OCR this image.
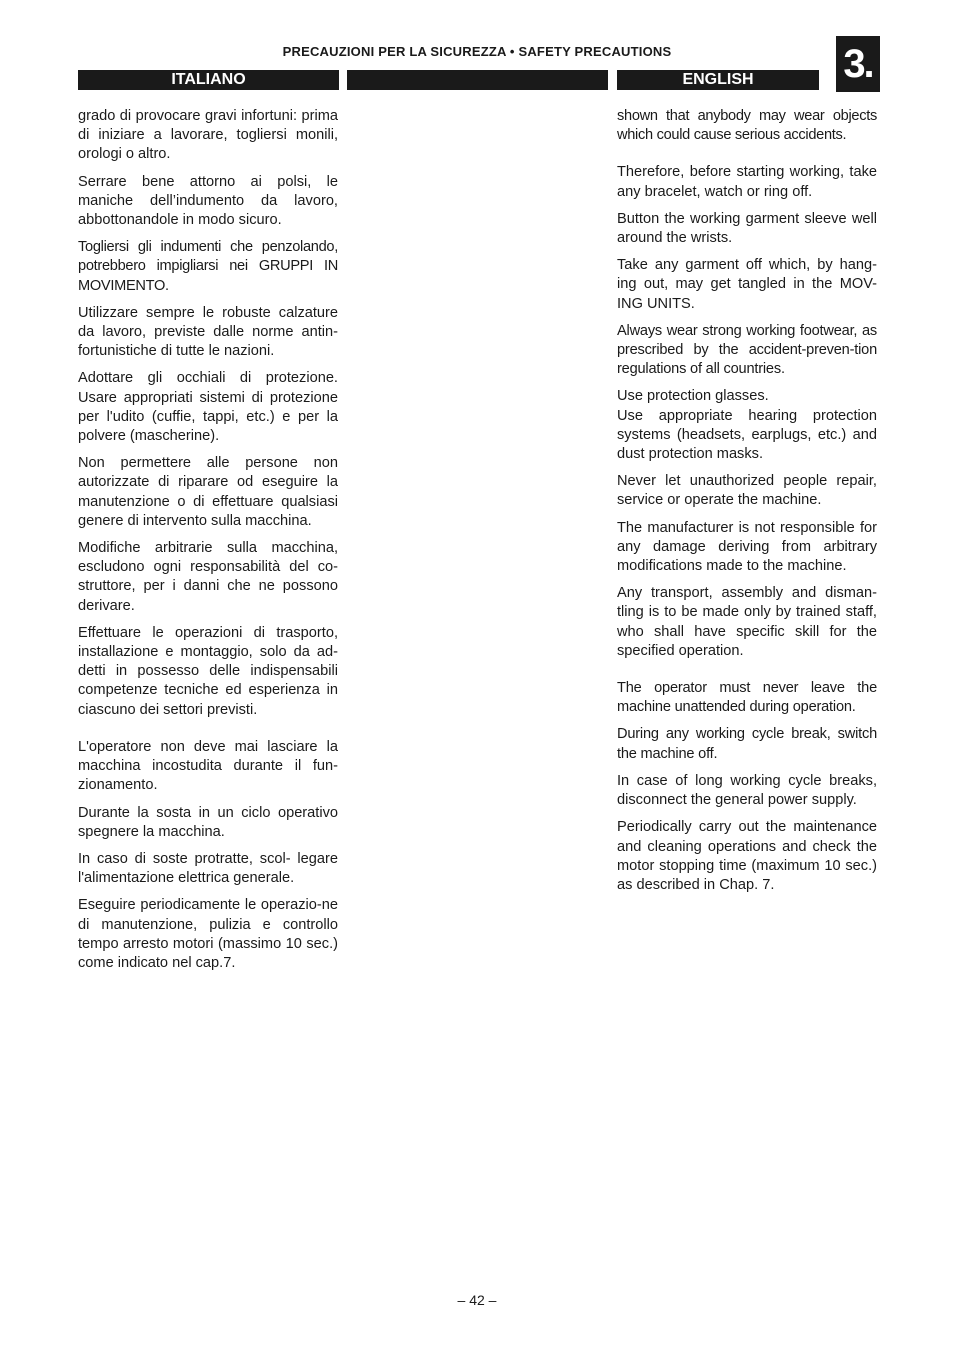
PRECAUZIONI PER LA SICUREZZA • SAFETY PRECAUTIONS	3.
ITALIANO	ENGLISH

grado di provocare gravi infortuni: prima di iniziare a lavorare, togliersi monili, orologi o altro.

Serrare bene attorno ai polsi, le maniche dell’indumento da lavoro, abbottonandole in modo sicuro.

Togliersi gli indumenti che penzolando, potrebbero impigliarsi nei GRUPPI IN MOVIMENTO.

Utilizzare sempre le robuste calzature da lavoro, previste dalle norme antin-fortunistiche di tutte le nazioni.

Adottare gli occhiali di protezione. Usare appropriati sistemi di protezione per l'udito (cuffie, tappi, etc.) e per la polvere (mascherine).

Non permettere alle persone non autorizzate di riparare od eseguire la manutenzione o di effettuare qualsiasi genere di intervento sulla macchina.

Modifiche arbitrarie sulla macchina, escludono ogni responsabilità del co-struttore, per i danni che ne possono derivare.

Effettuare le operazioni di trasporto, installazione e montaggio, solo da ad-detti in possesso delle indispensabili competenze tecniche ed esperienza in ciascuno dei settori previsti.

L'operatore non deve mai lasciare la macchina incostudita durante il fun-zionamento.

Durante la sosta in un ciclo operativo spegnere la macchina.

In caso di soste protratte, scol- legare l'alimentazione elettrica generale.

Eseguire periodicamente le operazio-ne di manutenzione, pulizia e controllo tempo arresto motori (massimo 10 sec.) come indicato nel cap.7.

shown that anybody may wear objects which could cause serious accidents.

Therefore, before starting working, take any bracelet, watch or ring off.

Button the working garment sleeve well around the wrists.

Take any garment off which, by hang-ing out, may get tangled in the MOV-ING UNITS.

Always wear strong working footwear, as prescribed by the accident-preven-tion regulations of all countries.

Use protection glasses.

Use appropriate hearing protection systems (headsets, earplugs, etc.) and dust protection masks.

Never let unauthorized people repair, service or operate the machine.

The manufacturer is not responsible for any damage deriving from arbitrary modifications made to the machine.

Any transport, assembly and disman-tling is to be made only by trained staff, who shall have specific skill for the specified operation.

The operator must never leave the machine unattended during operation.

During any working cycle break, switch the machine off.

In case of long working cycle breaks, disconnect the general power supply.

Periodically carry out the maintenance and cleaning operations and check the motor stopping time (maximum 10 sec.) as described in Chap. 7.

– 42 –
